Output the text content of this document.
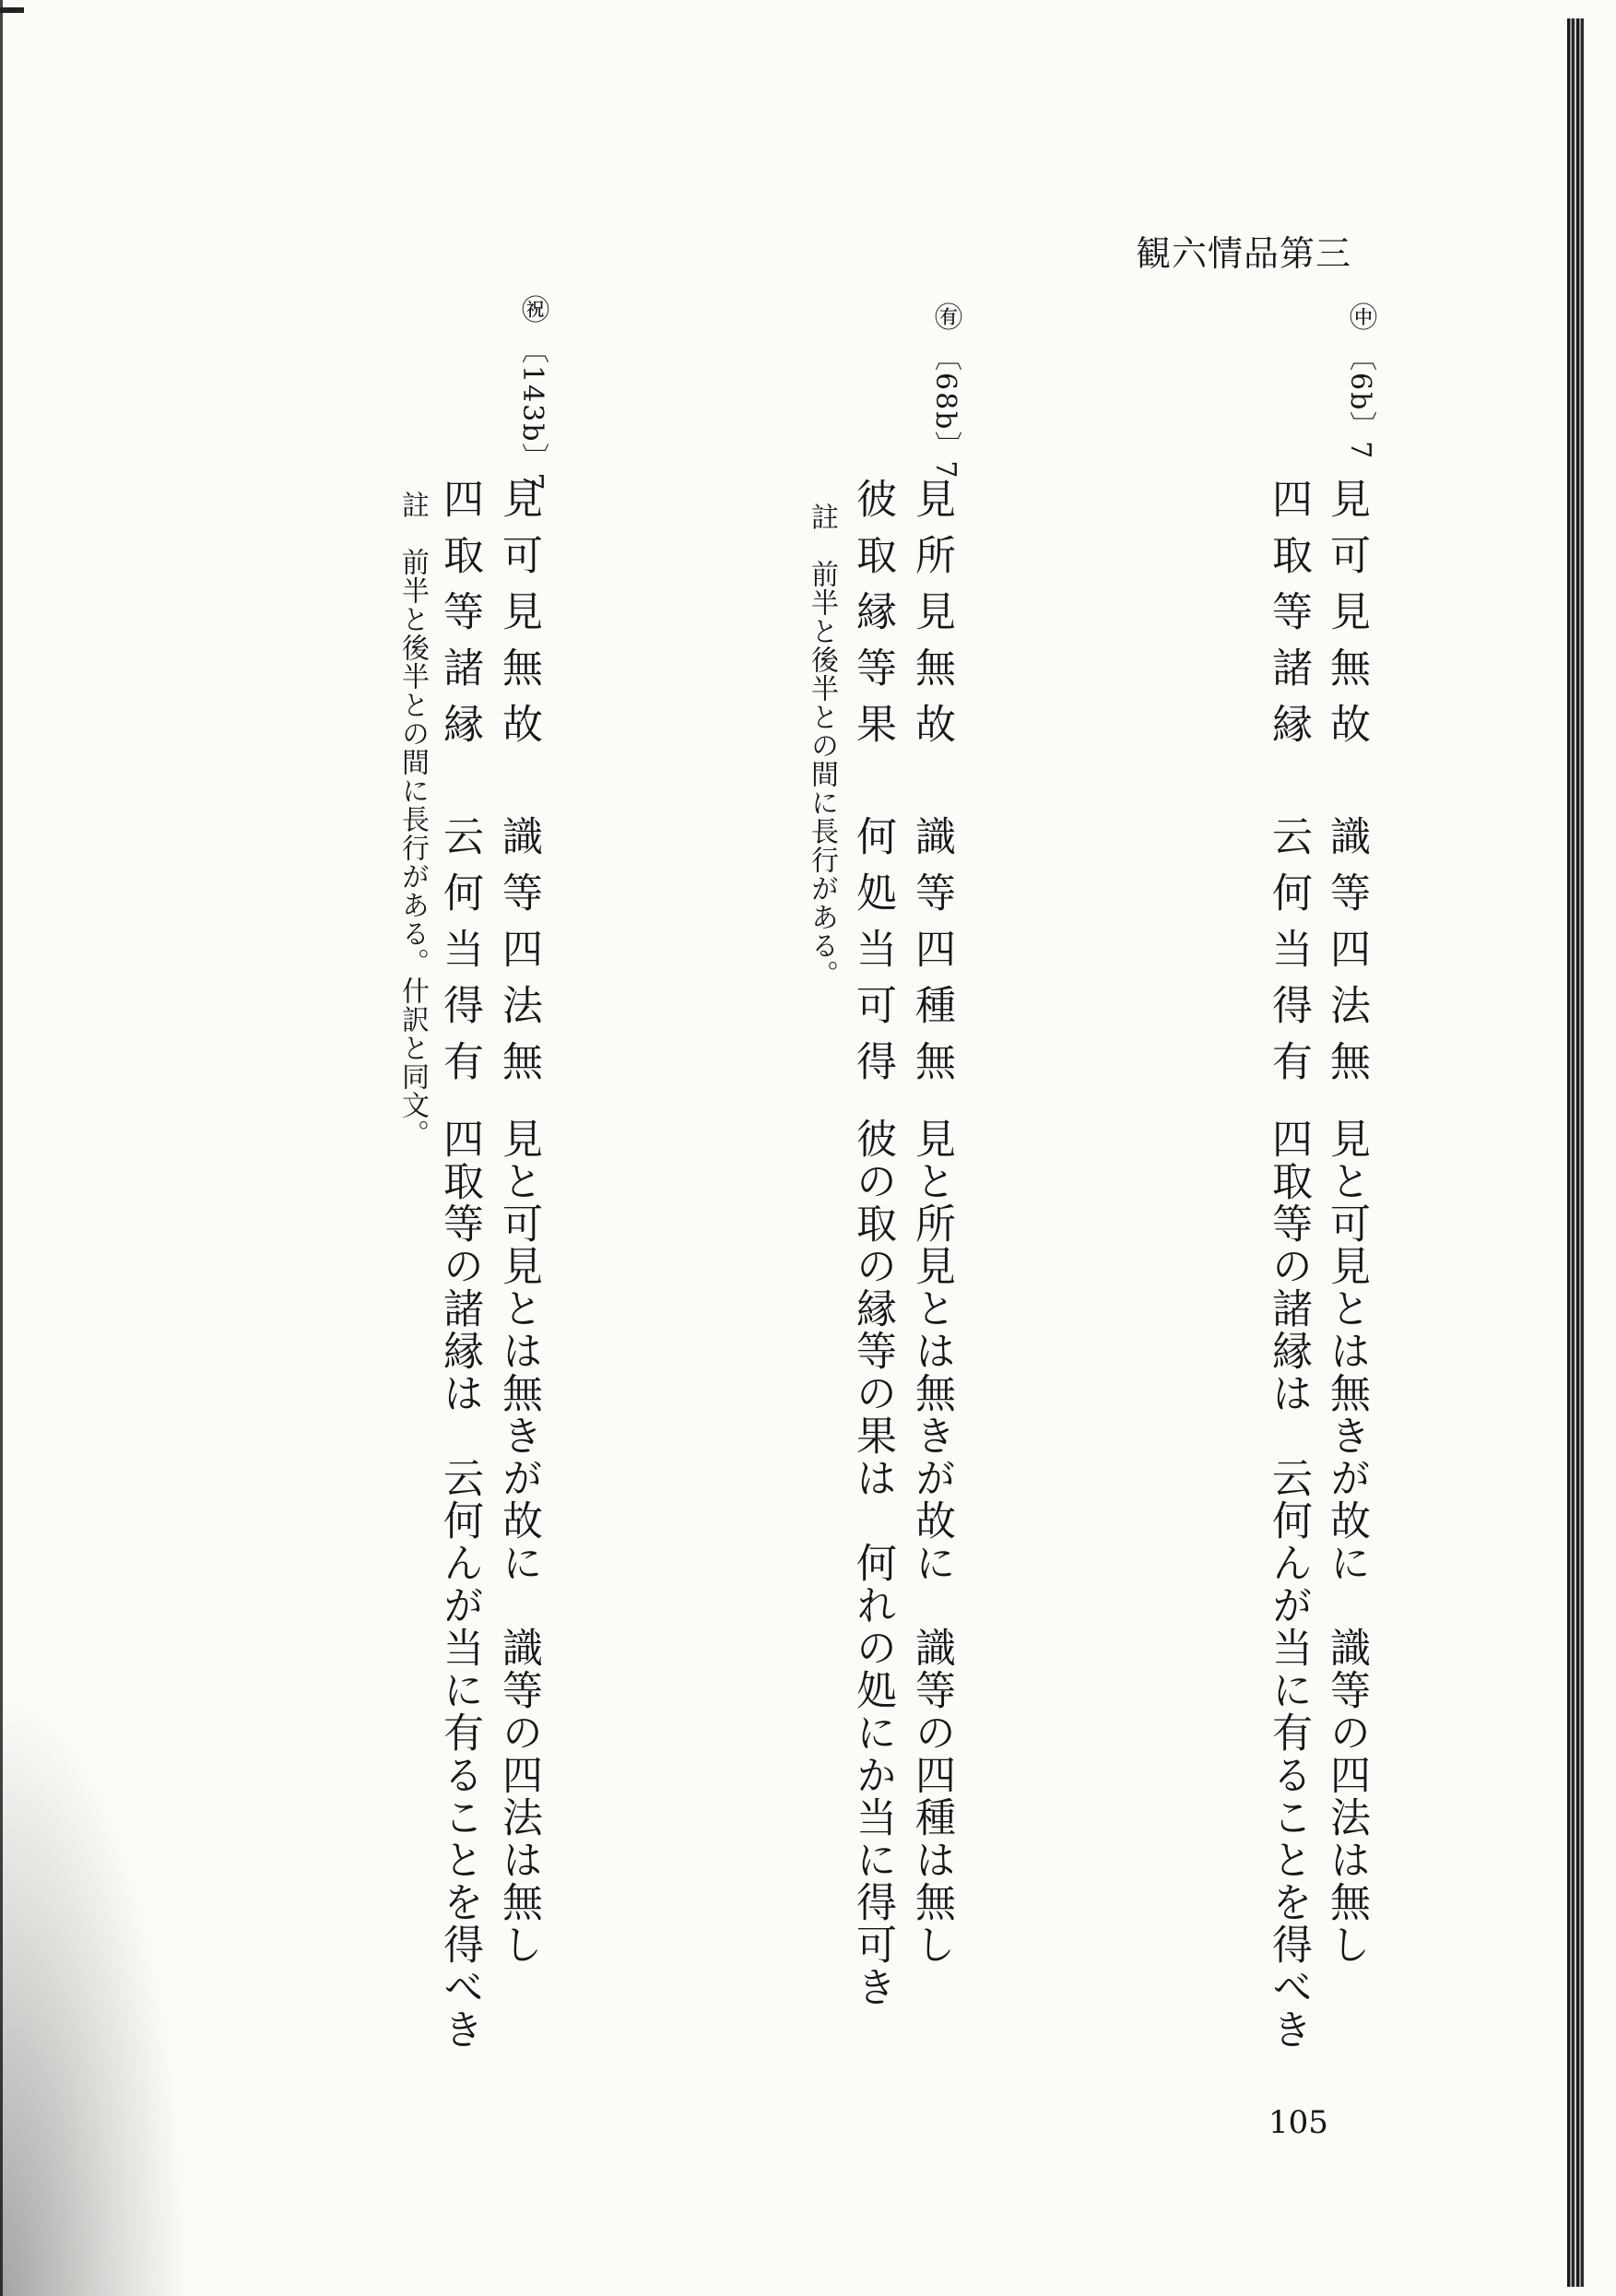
観六情品第三
㊥
〔6b〕7
見可見無故　識等四法無
四取等諸縁　云何当得有
見と可見とは無きが故に　識等の四法は無し
四取等の諸縁は　云何んが当に有ることを得べき
㊒
〔68b〕7
見所見無故　識等四種無
彼取縁等果　何処当可得
註　前半と後半との間に長行がある。
見と所見とは無きが故に　識等の四種は無し
彼の取の縁等の果は　何れの処にか当に得可き
㊗
〔143b〕7
見可見無故　識等四法無
四取等諸縁　云何当得有
註　前半と後半との間に長行がある。什訳と同文。
見と可見とは無きが故に　識等の四法は無し
四取等の諸縁は　云何んが当に有ることを得べき
105
